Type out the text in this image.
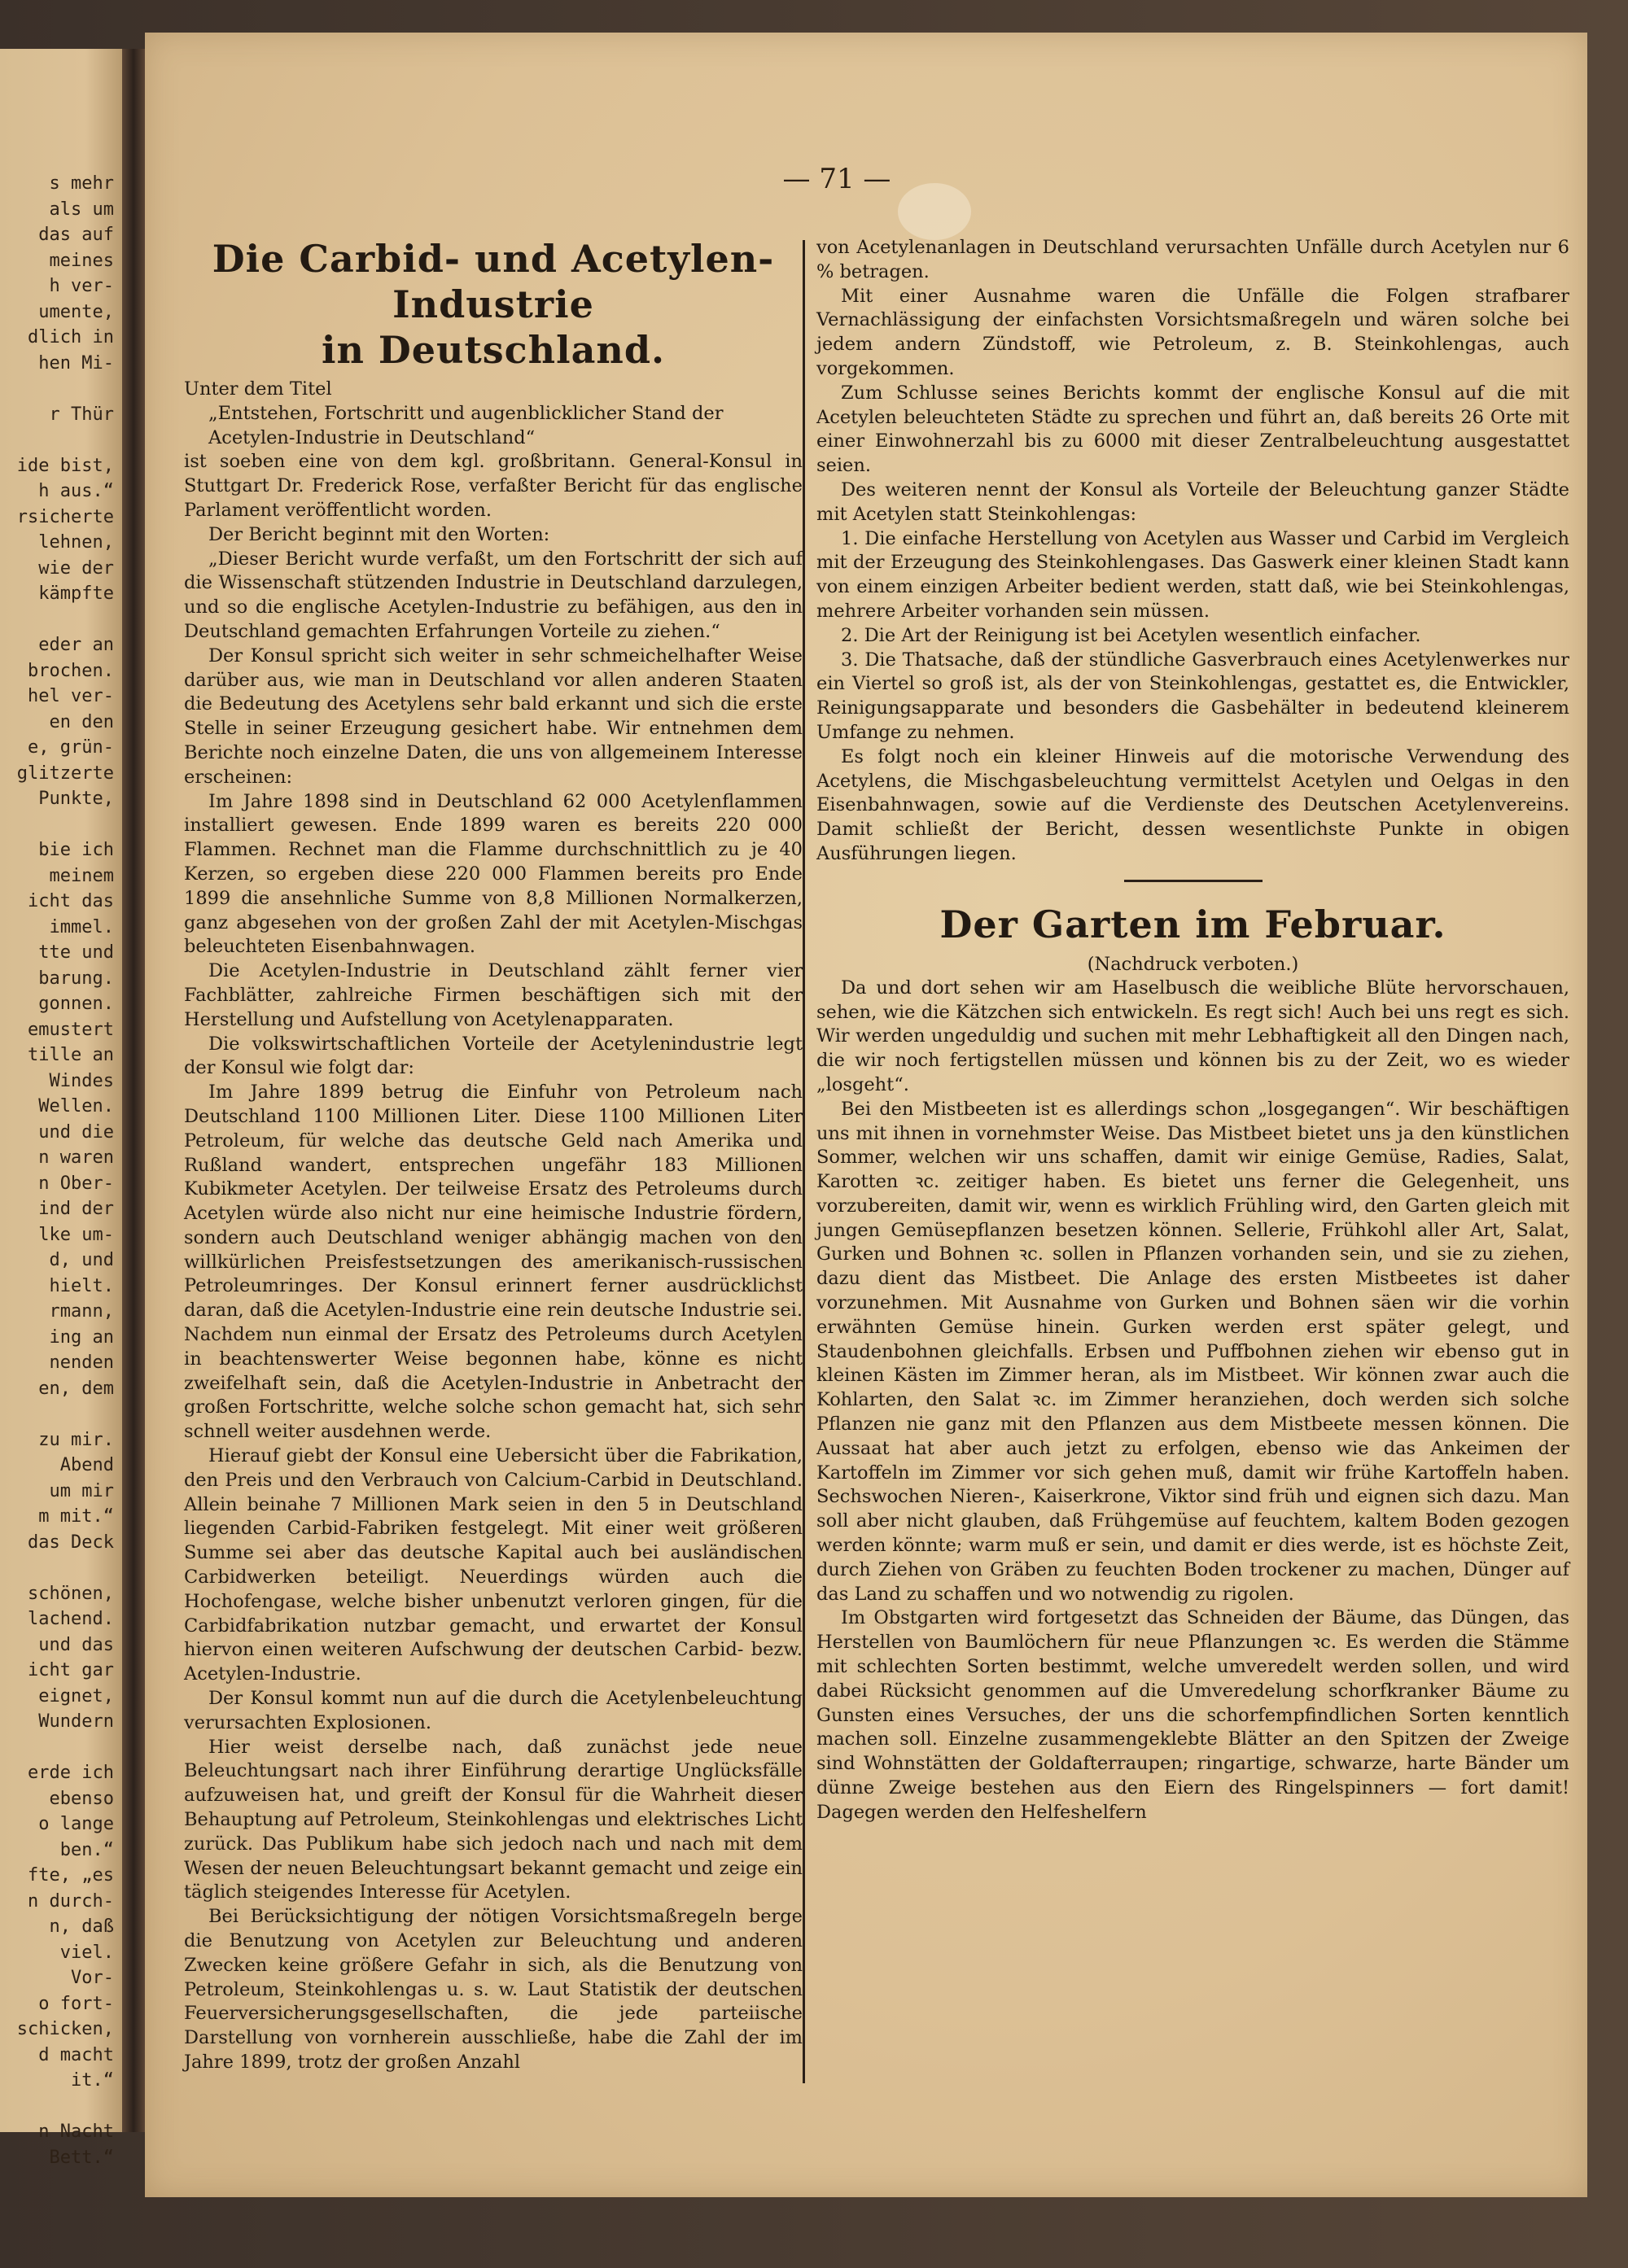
s mehr
als um
das auf
meines
h ver-
umente,
dlich in
hen Mi-

r Thür

ide bist,
h aus.“
rsicherte
lehnen,
wie der
kämpfte

eder an
brochen.
hel ver-
en den
e, grün-
glitzerte
Punkte,

bie ich
meinem
icht das
immel.
tte und
barung.
gonnen.
emustert
tille an
Windes
Wellen.
und die
n waren
n Ober-
ind der
lke um-
d, und
hielt.
rmann,
ing an
nenden
en, dem

zu mir.
Abend
um mir
m mit.“
das Deck

schönen,
lachend.
und das
icht gar
eignet,
Wundern

erde ich
ebenso
o lange
ben.“
fte, „es
n durch-
n, daß
viel.
Vor-
o fort-
schicken,
d macht
it.“

n Nacht
Bett.“
— 71 —
Die Carbid- und Acetylen-Industrie
in Deutschland.

Unter dem Titel

„Entstehen, Fortschritt und augenblicklicher Stand der Acetylen-Industrie in Deutschland“

ist soeben eine von dem kgl. großbritann. General-Konsul in Stuttgart Dr. Frederick Rose, verfaßter Bericht für das englische Parlament veröffentlicht worden.

Der Bericht beginnt mit den Worten:

„Dieser Bericht wurde verfaßt, um den Fortschritt der sich auf die Wissenschaft stützenden Industrie in Deutschland darzulegen, und so die englische Acetylen-Industrie zu befähigen, aus den in Deutschland gemachten Erfahrungen Vorteile zu ziehen.“

Der Konsul spricht sich weiter in sehr schmeichelhafter Weise darüber aus, wie man in Deutschland vor allen anderen Staaten die Bedeutung des Acetylens sehr bald erkannt und sich die erste Stelle in seiner Erzeugung gesichert habe. Wir entnehmen dem Berichte noch einzelne Daten, die uns von allgemeinem Interesse erscheinen:

Im Jahre 1898 sind in Deutschland 62 000 Acetylenflammen installiert gewesen. Ende 1899 waren es bereits 220 000 Flammen. Rechnet man die Flamme durchschnittlich zu je 40 Kerzen, so ergeben diese 220 000 Flammen bereits pro Ende 1899 die ansehnliche Summe von 8,8 Millionen Normalkerzen, ganz abgesehen von der großen Zahl der mit Acetylen-Mischgas beleuchteten Eisenbahnwagen.

Die Acetylen-Industrie in Deutschland zählt ferner vier Fachblätter, zahlreiche Firmen beschäftigen sich mit der Herstellung und Aufstellung von Acetylenapparaten.

Die volkswirtschaftlichen Vorteile der Acetylenindustrie legt der Konsul wie folgt dar:

Im Jahre 1899 betrug die Einfuhr von Petroleum nach Deutschland 1100 Millionen Liter. Diese 1100 Millionen Liter Petroleum, für welche das deutsche Geld nach Amerika und Rußland wandert, entsprechen ungefähr 183 Millionen Kubikmeter Acetylen. Der teilweise Ersatz des Petroleums durch Acetylen würde also nicht nur eine heimische Industrie fördern, sondern auch Deutschland weniger abhängig machen von den willkürlichen Preisfestsetzungen des amerikanisch-russischen Petroleumringes. Der Konsul erinnert ferner ausdrücklichst daran, daß die Acetylen-Industrie eine rein deutsche Industrie sei. Nachdem nun einmal der Ersatz des Petroleums durch Acetylen in beachtenswerter Weise begonnen habe, könne es nicht zweifelhaft sein, daß die Acetylen-Industrie in Anbetracht der großen Fortschritte, welche solche schon gemacht hat, sich sehr schnell weiter ausdehnen werde.

Hierauf giebt der Konsul eine Uebersicht über die Fabrikation, den Preis und den Verbrauch von Calcium-Carbid in Deutschland. Allein beinahe 7 Millionen Mark seien in den 5 in Deutschland liegenden Carbid-Fabriken festgelegt. Mit einer weit größeren Summe sei aber das deutsche Kapital auch bei ausländischen Carbidwerken beteiligt. Neuerdings würden auch die Hochofengase, welche bisher unbenutzt verloren gingen, für die Carbidfabrikation nutzbar gemacht, und erwartet der Konsul hiervon einen weiteren Aufschwung der deutschen Carbid- bezw. Acetylen-Industrie.

Der Konsul kommt nun auf die durch die Acetylenbeleuchtung verursachten Explosionen.

Hier weist derselbe nach, daß zunächst jede neue Beleuchtungsart nach ihrer Einführung derartige Unglücksfälle aufzuweisen hat, und greift der Konsul für die Wahrheit dieser Behauptung auf Petroleum, Steinkohlengas und elektrisches Licht zurück. Das Publikum habe sich jedoch nach und nach mit dem Wesen der neuen Beleuchtungsart bekannt gemacht und zeige ein täglich steigendes Interesse für Acetylen.

Bei Berücksichtigung der nötigen Vorsichtsmaßregeln berge die Benutzung von Acetylen zur Beleuchtung und anderen Zwecken keine größere Gefahr in sich, als die Benutzung von Petroleum, Steinkohlengas u. s. w. Laut Statistik der deutschen Feuerversicherungsgesellschaften, die jede parteiische Darstellung von vornherein ausschließe, habe die Zahl der im Jahre 1899, trotz der großen Anzahl

von Acetylenanlagen in Deutschland verursachten Unfälle durch Acetylen nur 6 % betragen.

Mit einer Ausnahme waren die Unfälle die Folgen strafbarer Vernachlässigung der einfachsten Vorsichtsmaßregeln und wären solche bei jedem andern Zündstoff, wie Petroleum, z. B. Steinkohlengas, auch vorgekommen.

Zum Schlusse seines Berichts kommt der englische Konsul auf die mit Acetylen beleuchteten Städte zu sprechen und führt an, daß bereits 26 Orte mit einer Einwohnerzahl bis zu 6000 mit dieser Zentralbeleuchtung ausgestattet seien.

Des weiteren nennt der Konsul als Vorteile der Beleuchtung ganzer Städte mit Acetylen statt Steinkohlengas:

1. Die einfache Herstellung von Acetylen aus Wasser und Carbid im Vergleich mit der Erzeugung des Steinkohlengases. Das Gaswerk einer kleinen Stadt kann von einem einzigen Arbeiter bedient werden, statt daß, wie bei Steinkohlengas, mehrere Arbeiter vorhanden sein müssen.

2. Die Art der Reinigung ist bei Acetylen wesentlich einfacher.

3. Die Thatsache, daß der stündliche Gasverbrauch eines Acetylenwerkes nur ein Viertel so groß ist, als der von Steinkohlengas, gestattet es, die Entwickler, Reinigungsapparate und besonders die Gasbehälter in bedeutend kleinerem Umfange zu nehmen.

Es folgt noch ein kleiner Hinweis auf die motorische Verwendung des Acetylens, die Mischgasbeleuchtung vermittelst Acetylen und Oelgas in den Eisenbahnwagen, sowie auf die Verdienste des Deutschen Acetylenvereins. Damit schließt der Bericht, dessen wesentlichste Punkte in obigen Ausführungen liegen.

Der Garten im Februar.

(Nachdruck verboten.)

Da und dort sehen wir am Haselbusch die weibliche Blüte hervorschauen, sehen, wie die Kätzchen sich entwickeln. Es regt sich! Auch bei uns regt es sich. Wir werden ungeduldig und suchen mit mehr Lebhaftigkeit all den Dingen nach, die wir noch fertigstellen müssen und können bis zu der Zeit, wo es wieder „losgeht“.

Bei den Mistbeeten ist es allerdings schon „losgegangen“. Wir beschäftigen uns mit ihnen in vornehmster Weise. Das Mistbeet bietet uns ja den künstlichen Sommer, welchen wir uns schaffen, damit wir einige Gemüse, Radies, Salat, Karotten ꝛc. zeitiger haben. Es bietet uns ferner die Gelegenheit, uns vorzubereiten, damit wir, wenn es wirklich Frühling wird, den Garten gleich mit jungen Gemüsepflanzen besetzen können. Sellerie, Frühkohl aller Art, Salat, Gurken und Bohnen ꝛc. sollen in Pflanzen vorhanden sein, und sie zu ziehen, dazu dient das Mistbeet. Die Anlage des ersten Mistbeetes ist daher vorzunehmen. Mit Ausnahme von Gurken und Bohnen säen wir die vorhin erwähnten Gemüse hinein. Gurken werden erst später gelegt, und Staudenbohnen gleichfalls. Erbsen und Puffbohnen ziehen wir ebenso gut in kleinen Kästen im Zimmer heran, als im Mistbeet. Wir können zwar auch die Kohlarten, den Salat ꝛc. im Zimmer heranziehen, doch werden sich solche Pflanzen nie ganz mit den Pflanzen aus dem Mistbeete messen können. Die Aussaat hat aber auch jetzt zu erfolgen, ebenso wie das Ankeimen der Kartoffeln im Zimmer vor sich gehen muß, damit wir frühe Kartoffeln haben. Sechswochen Nieren-, Kaiserkrone, Viktor sind früh und eignen sich dazu. Man soll aber nicht glauben, daß Frühgemüse auf feuchtem, kaltem Boden gezogen werden könnte; warm muß er sein, und damit er dies werde, ist es höchste Zeit, durch Ziehen von Gräben zu feuchten Boden trockener zu machen, Dünger auf das Land zu schaffen und wo notwendig zu rigolen.

Im Obstgarten wird fortgesetzt das Schneiden der Bäume, das Düngen, das Herstellen von Baumlöchern für neue Pflanzungen ꝛc. Es werden die Stämme mit schlechten Sorten bestimmt, welche umveredelt werden sollen, und wird dabei Rücksicht genommen auf die Umveredelung schorfkranker Bäume zu Gunsten eines Versuches, der uns die schorfempfindlichen Sorten kenntlich machen soll. Einzelne zusammengeklebte Blätter an den Spitzen der Zweige sind Wohnstätten der Goldafterraupen; ringartige, schwarze, harte Bänder um dünne Zweige bestehen aus den Eiern des Ringelspinners — fort damit! Dagegen werden den Helfeshelfern
